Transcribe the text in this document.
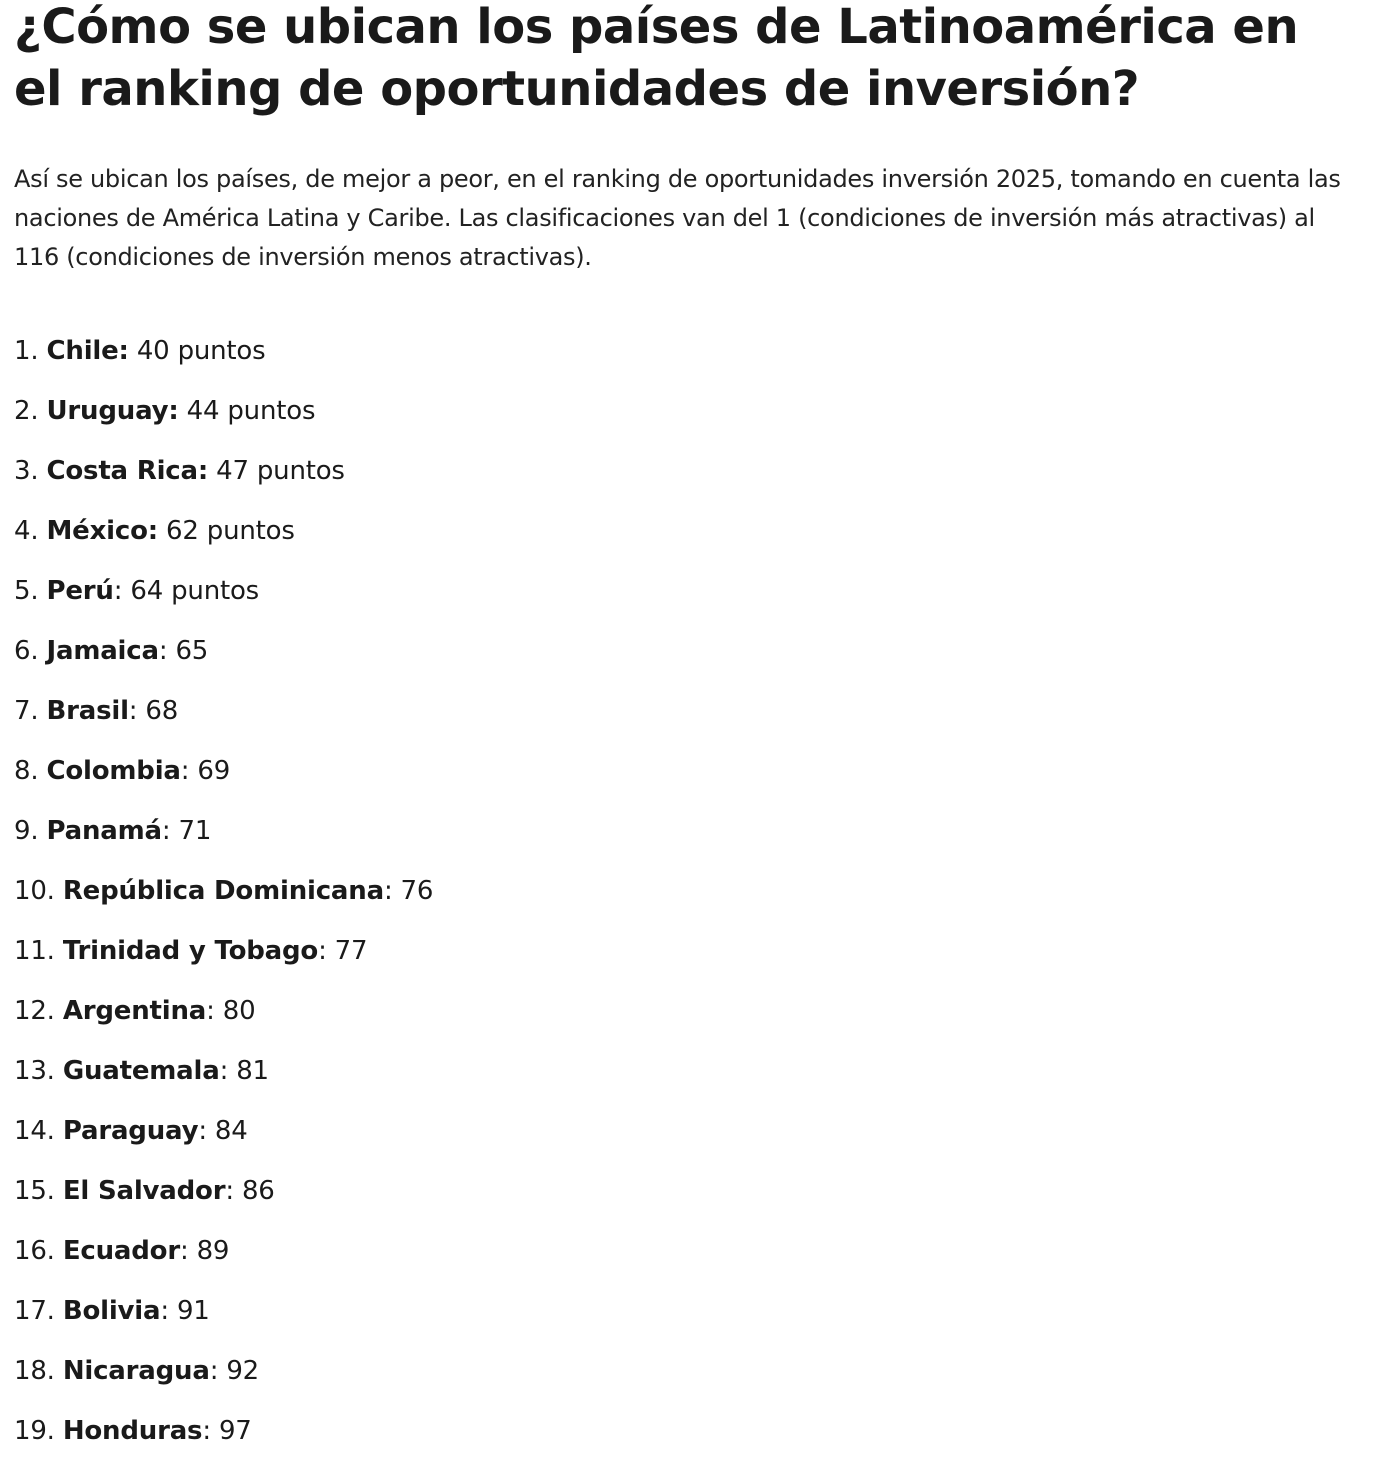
¿Cómo se ubican los países de Latinoamérica en el ranking de oportunidades de inversión?

Así se ubican los países, de mejor a peor, en el ranking de oportunidades inversión 2025, tomando en cuenta las naciones de América Latina y Caribe. Las clasificaciones van del 1 (condiciones de inversión más atractivas) al 116 (condiciones de inversión menos atractivas).

1. Chile: 40 puntos
2. Uruguay: 44 puntos
3. Costa Rica: 47 puntos
4. México: 62 puntos
5. Perú: 64 puntos
6. Jamaica: 65
7. Brasil: 68
8. Colombia: 69
9. Panamá: 71
10. República Dominicana: 76
11. Trinidad y Tobago: 77
12. Argentina: 80
13. Guatemala: 81
14. Paraguay: 84
15. El Salvador: 86
16. Ecuador: 89
17. Bolivia: 91
18. Nicaragua: 92
19. Honduras: 97
